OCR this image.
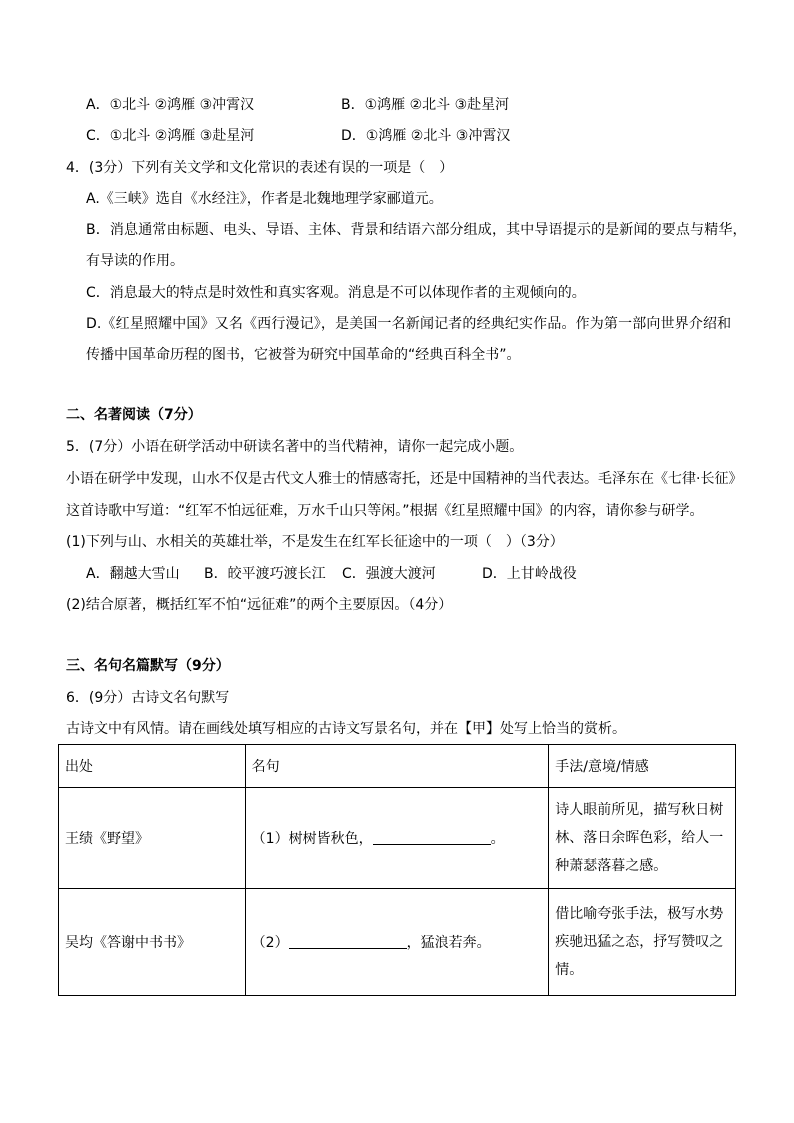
A．①北斗 ②鸿雁 ③冲霄汉	B．①鸿雁 ②北斗 ③赴星河
C．①北斗 ②鸿雁 ③赴星河	D．①鸿雁 ②北斗 ③冲霄汉
4．(3分）下列有关文学和文化常识的表述有误的一项是（　）
A.《三峡》选自《水经注》，作者是北魏地理学家郦道元。
B．消息通常由标题、电头、导语、主体、背景和结语六部分组成，其中导语提示的是新闻的要点与精华，
有导读的作用。
C．消息最大的特点是时效性和真实客观。消息是不可以体现作者的主观倾向的。
D.《红星照耀中国》又名《西行漫记》，是美国一名新闻记者的经典纪实作品。作为第一部向世界介绍和
传播中国革命历程的图书，它被誉为研究中国革命的“经典百科全书”。
二、名著阅读（7分）
5．(7分）小语在研学活动中研读名著中的当代精神，请你一起完成小题。
小语在研学中发现，山水不仅是古代文人雅士的情感寄托，还是中国精神的当代表达。毛泽东在《七律·长征》
这首诗歌中写道：“红军不怕远征难，万水千山只等闲。”根据《红星照耀中国》的内容，请你参与研学。
(1)下列与山、水相关的英雄壮举，不是发生在红军长征途中的一项（　）（3分）
A．翻越大雪山 B．皎平渡巧渡长江 C．强渡大渡河	D．上甘岭战役
(2)结合原著，概括红军不怕“远征难”的两个主要原因。（4分）
三、名句名篇默写（9分）
6．(9分）古诗文名句默写
古诗文中有风情。请在画线处填写相应的古诗文写景名句，并在【甲】处写上恰当的赏析。
出处	名句	手法/意境/情感
王绩《野望》	（1）树树皆秋色， 。	诗人眼前所见，描写秋日树林、落日余晖色彩，给人一种萧瑟落暮之感。
吴均《答谢中书书》	（2） ，猛浪若奔。	借比喻夸张手法，极写水势疾驰迅猛之态，抒写赞叹之情。
